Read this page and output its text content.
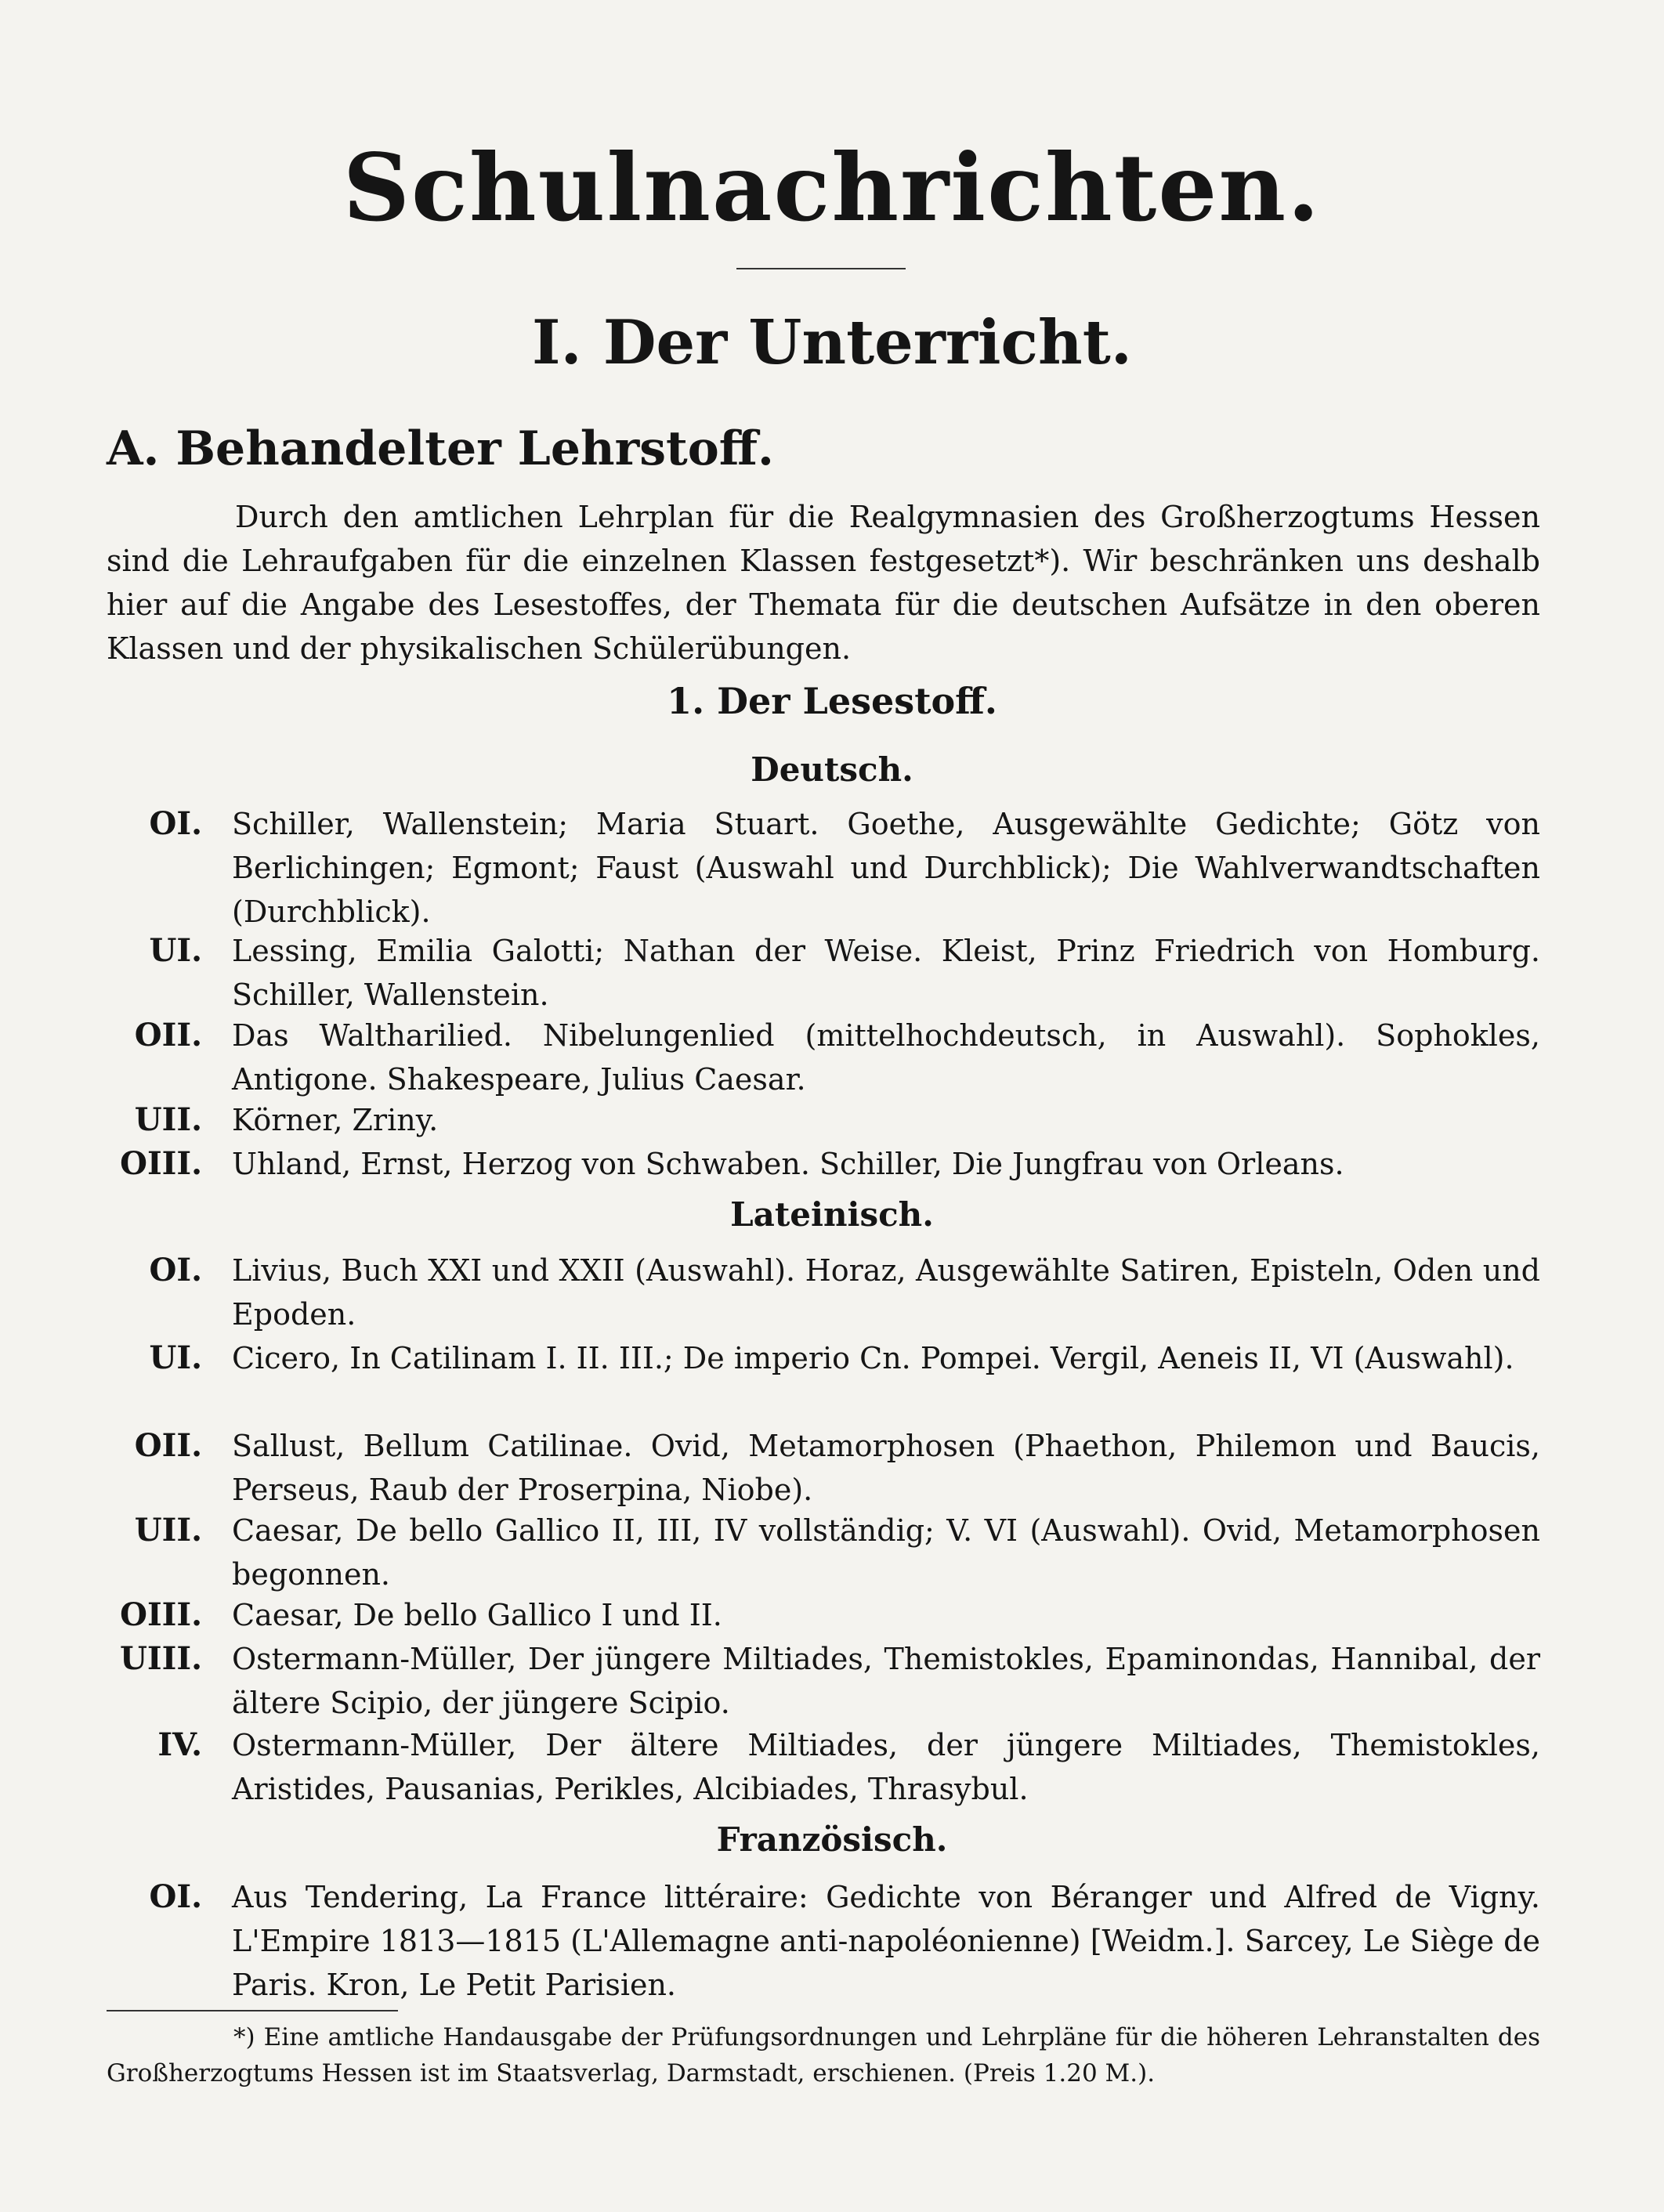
Schulnachrichten.
I. Der Unterricht.
A. Behandelter Lehrstoff.

Durch den amtlichen Lehrplan für die Realgymnasien des Großherzogtums Hessen sind die Lehraufgaben für die einzelnen Klassen festgesetzt*). Wir beschränken uns deshalb hier auf die Angabe des Lesestoffes, der Themata für die deutschen Aufsätze in den oberen Klassen und der physikalischen Schülerübungen.

1. Der Lesestoff.
Deutsch.
OI. Schiller, Wallenstein; Maria Stuart. Goethe, Ausgewählte Gedichte; Götz von Berlichingen; Egmont; Faust (Auswahl und Durchblick); Die Wahlverwandtschaften (Durchblick).
UI. Lessing, Emilia Galotti; Nathan der Weise. Kleist, Prinz Friedrich von Homburg. Schiller, Wallenstein.
OII. Das Waltharilied. Nibelungenlied (mittelhochdeutsch, in Auswahl). Sophokles, Antigone. Shakespeare, Julius Caesar.
UII. Körner, Zriny.
OIII. Uhland, Ernst, Herzog von Schwaben. Schiller, Die Jungfrau von Orleans.
Lateinisch.
OI. Livius, Buch XXI und XXII (Auswahl). Horaz, Ausgewählte Satiren, Episteln, Oden und Epoden.
UI. Cicero, In Catilinam I. II. III.; De imperio Cn. Pompei. Vergil, Aeneis II, VI (Auswahl).
OII. Sallust, Bellum Catilinae. Ovid, Metamorphosen (Phaethon, Philemon und Baucis, Perseus, Raub der Proserpina, Niobe).
UII. Caesar, De bello Gallico II, III, IV vollständig; V. VI (Auswahl). Ovid, Metamorphosen begonnen.
OIII. Caesar, De bello Gallico I und II.
UIII. Ostermann-Müller, Der jüngere Miltiades, Themistokles, Epaminondas, Hannibal, der ältere Scipio, der jüngere Scipio.
IV. Ostermann-Müller, Der ältere Miltiades, der jüngere Miltiades, Themistokles, Aristides, Pausanias, Perikles, Alcibiades, Thrasybul.
Französisch.
OI. Aus Tendering, La France littéraire: Gedichte von Béranger und Alfred de Vigny. L'Empire 1813—1815 (L'Allemagne anti-napoléonienne) [Weidm.]. Sarcey, Le Siège de Paris. Kron, Le Petit Parisien.

*) Eine amtliche Handausgabe der Prüfungsordnungen und Lehrpläne für die höheren Lehranstalten des Großherzogtums Hessen ist im Staatsverlag, Darmstadt, erschienen. (Preis 1.20 M.).
